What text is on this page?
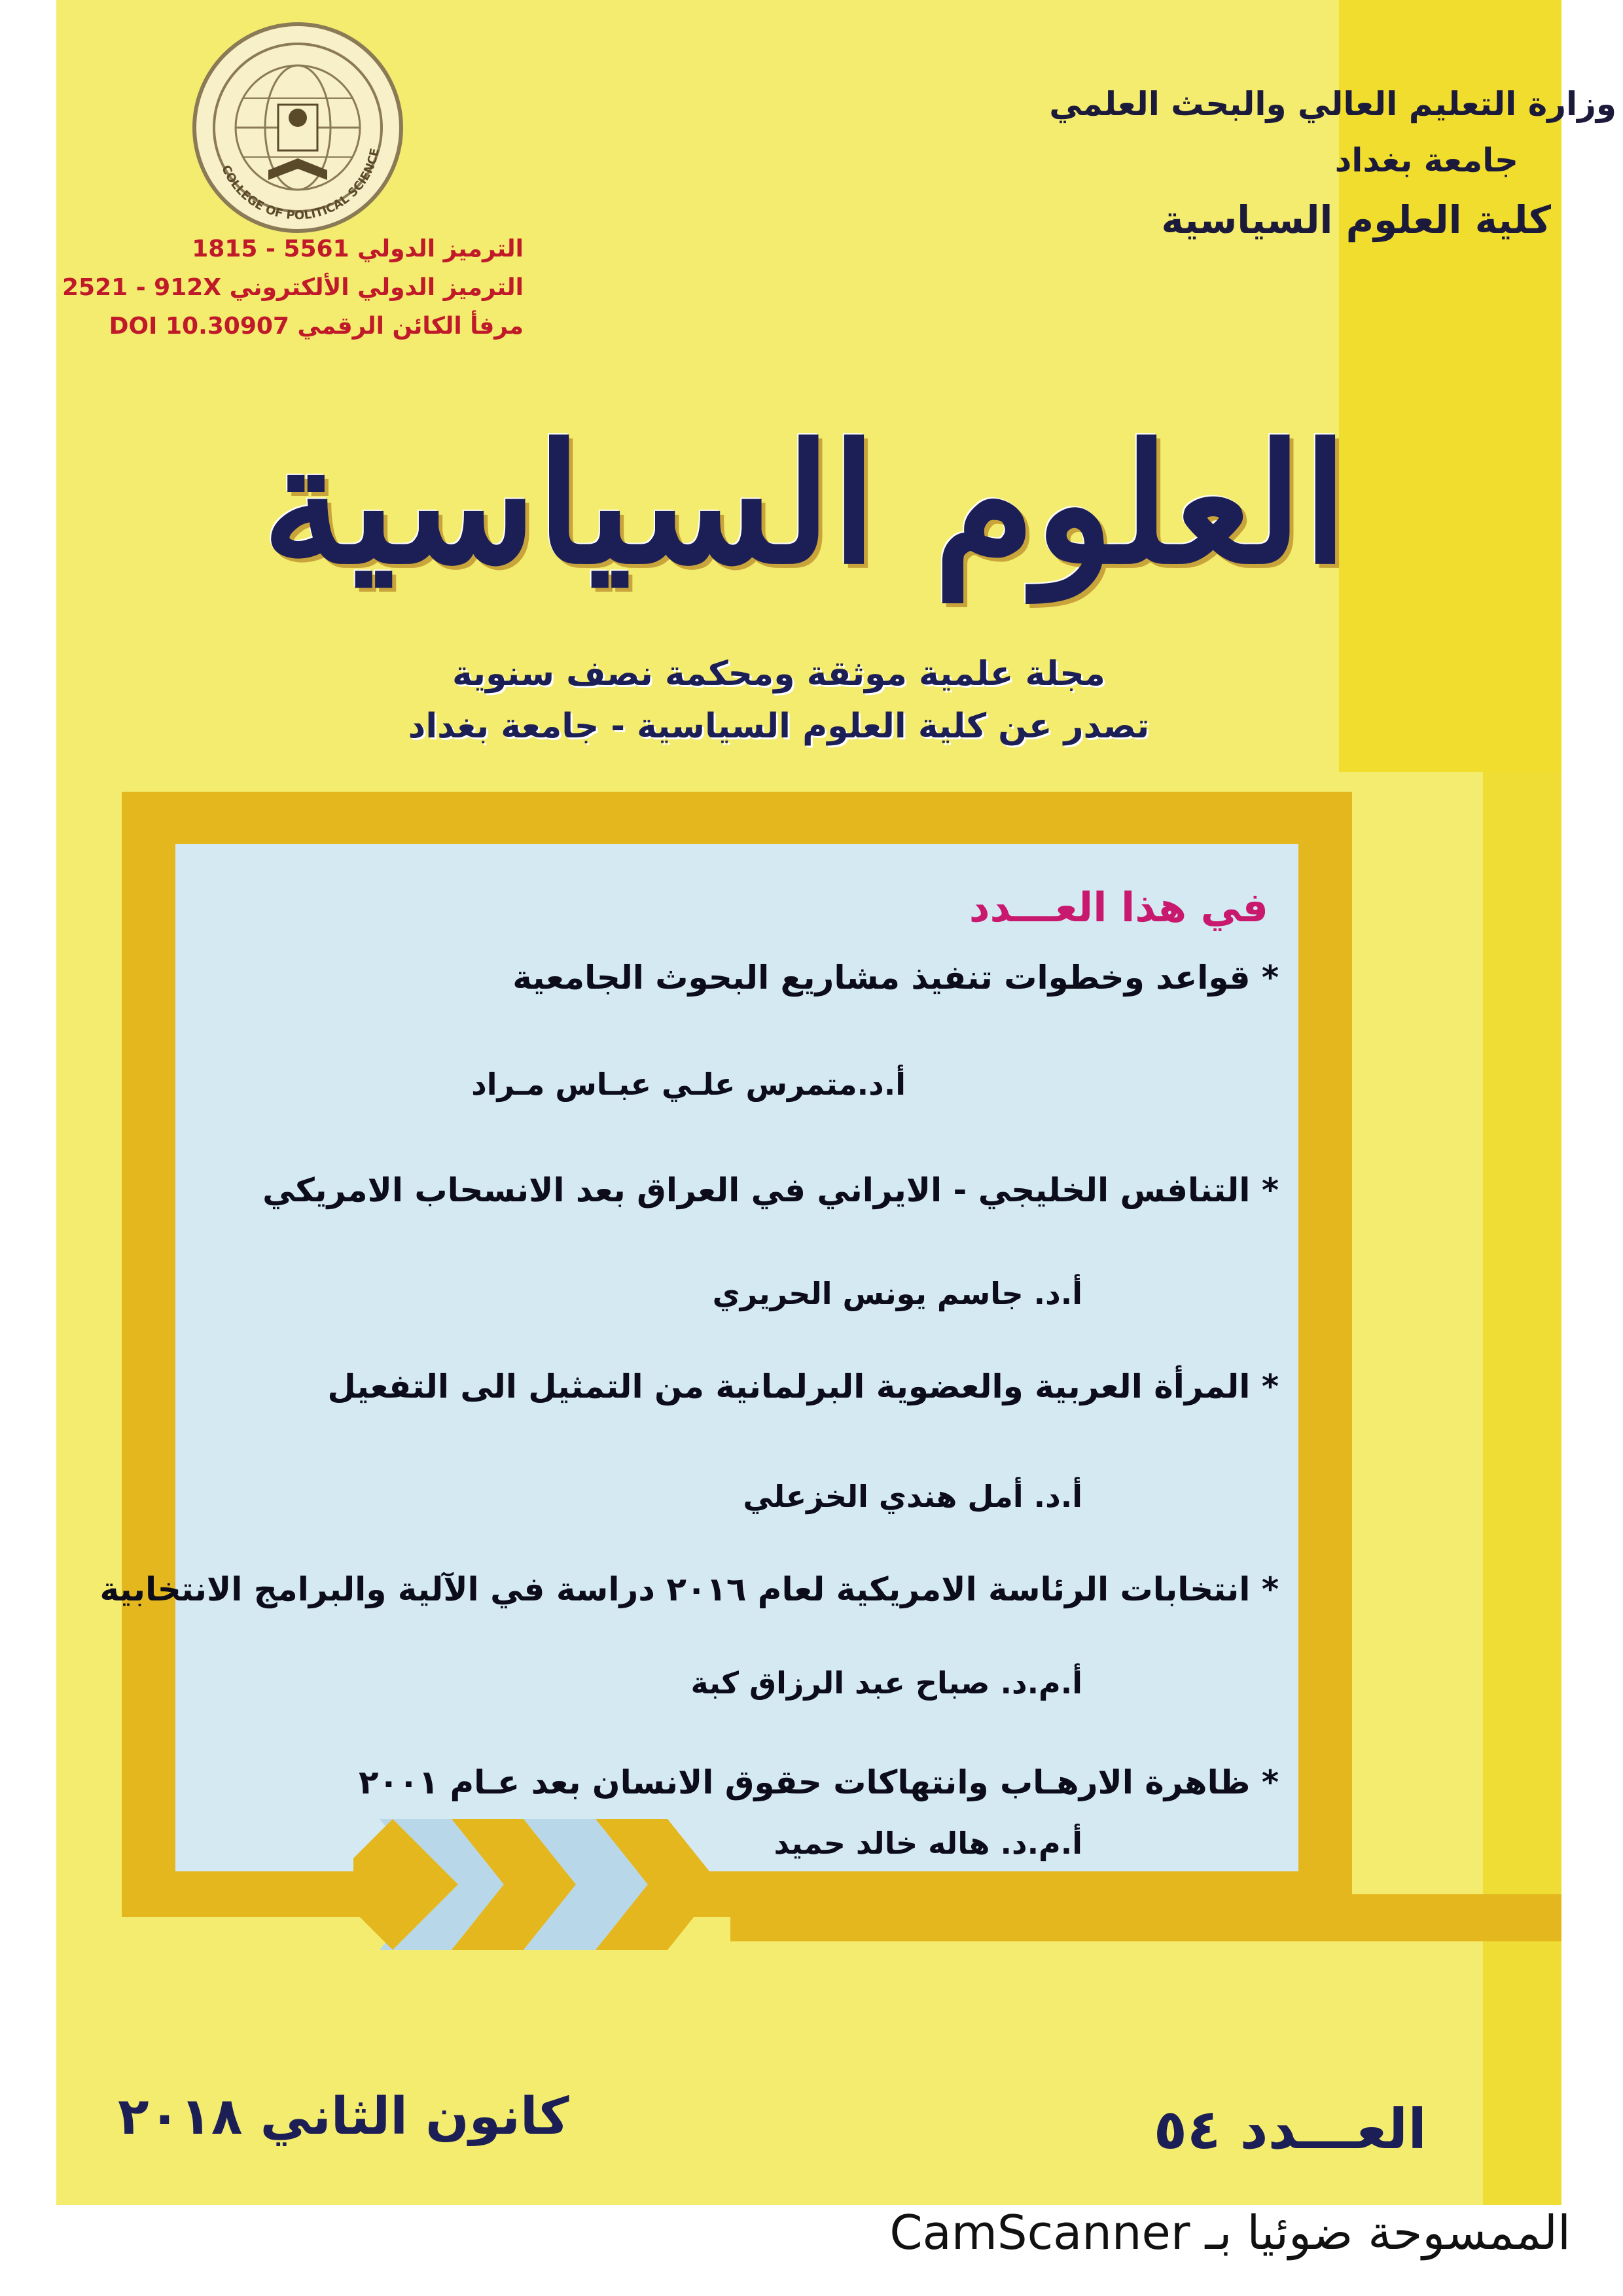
COLLEGE OF POLITICAL SCIENCE
وزارة التعليم العالي والبحث العلمي
جامعة بغداد
كلية العلوم السياسية
الترميز الدولي 1815 - 5561
الترميز الدولي الألكتروني 2521 - 912X
مرفأ الكائن الرقمي DOI 10.30907
العلوم السياسية
مجلة علمية موثقة ومحكمة نصف سنوية
تصدر عن كلية العلوم السياسية - جامعة بغداد
في هذا العـــدد
* قواعد وخطوات تنفيذ مشاريع البحوث الجامعية
أ.د.متمرس علـي عبـاس مـراد
* التنافس الخليجي - الايراني في العراق بعد الانسحاب الامريكي
أ.د. جاسم يونس الحريري
* المرأة العربية والعضوية البرلمانية من التمثيل الى التفعيل
أ.د. أمل هندي الخزعلي
* انتخابات الرئاسة الامريكية لعام ٢٠١٦ دراسة في الآلية والبرامج الانتخابية
أ.م.د. صباح عبد الرزاق كبة
* ظاهرة الارهـاب وانتهاكات حقوق الانسان بعد عـام ٢٠٠١
أ.م.د. هاله خالد حميد
العـــدد ٥٤
كانون الثاني ٢٠١٨
الممسوحة ضوئيا بـ CamScanner
